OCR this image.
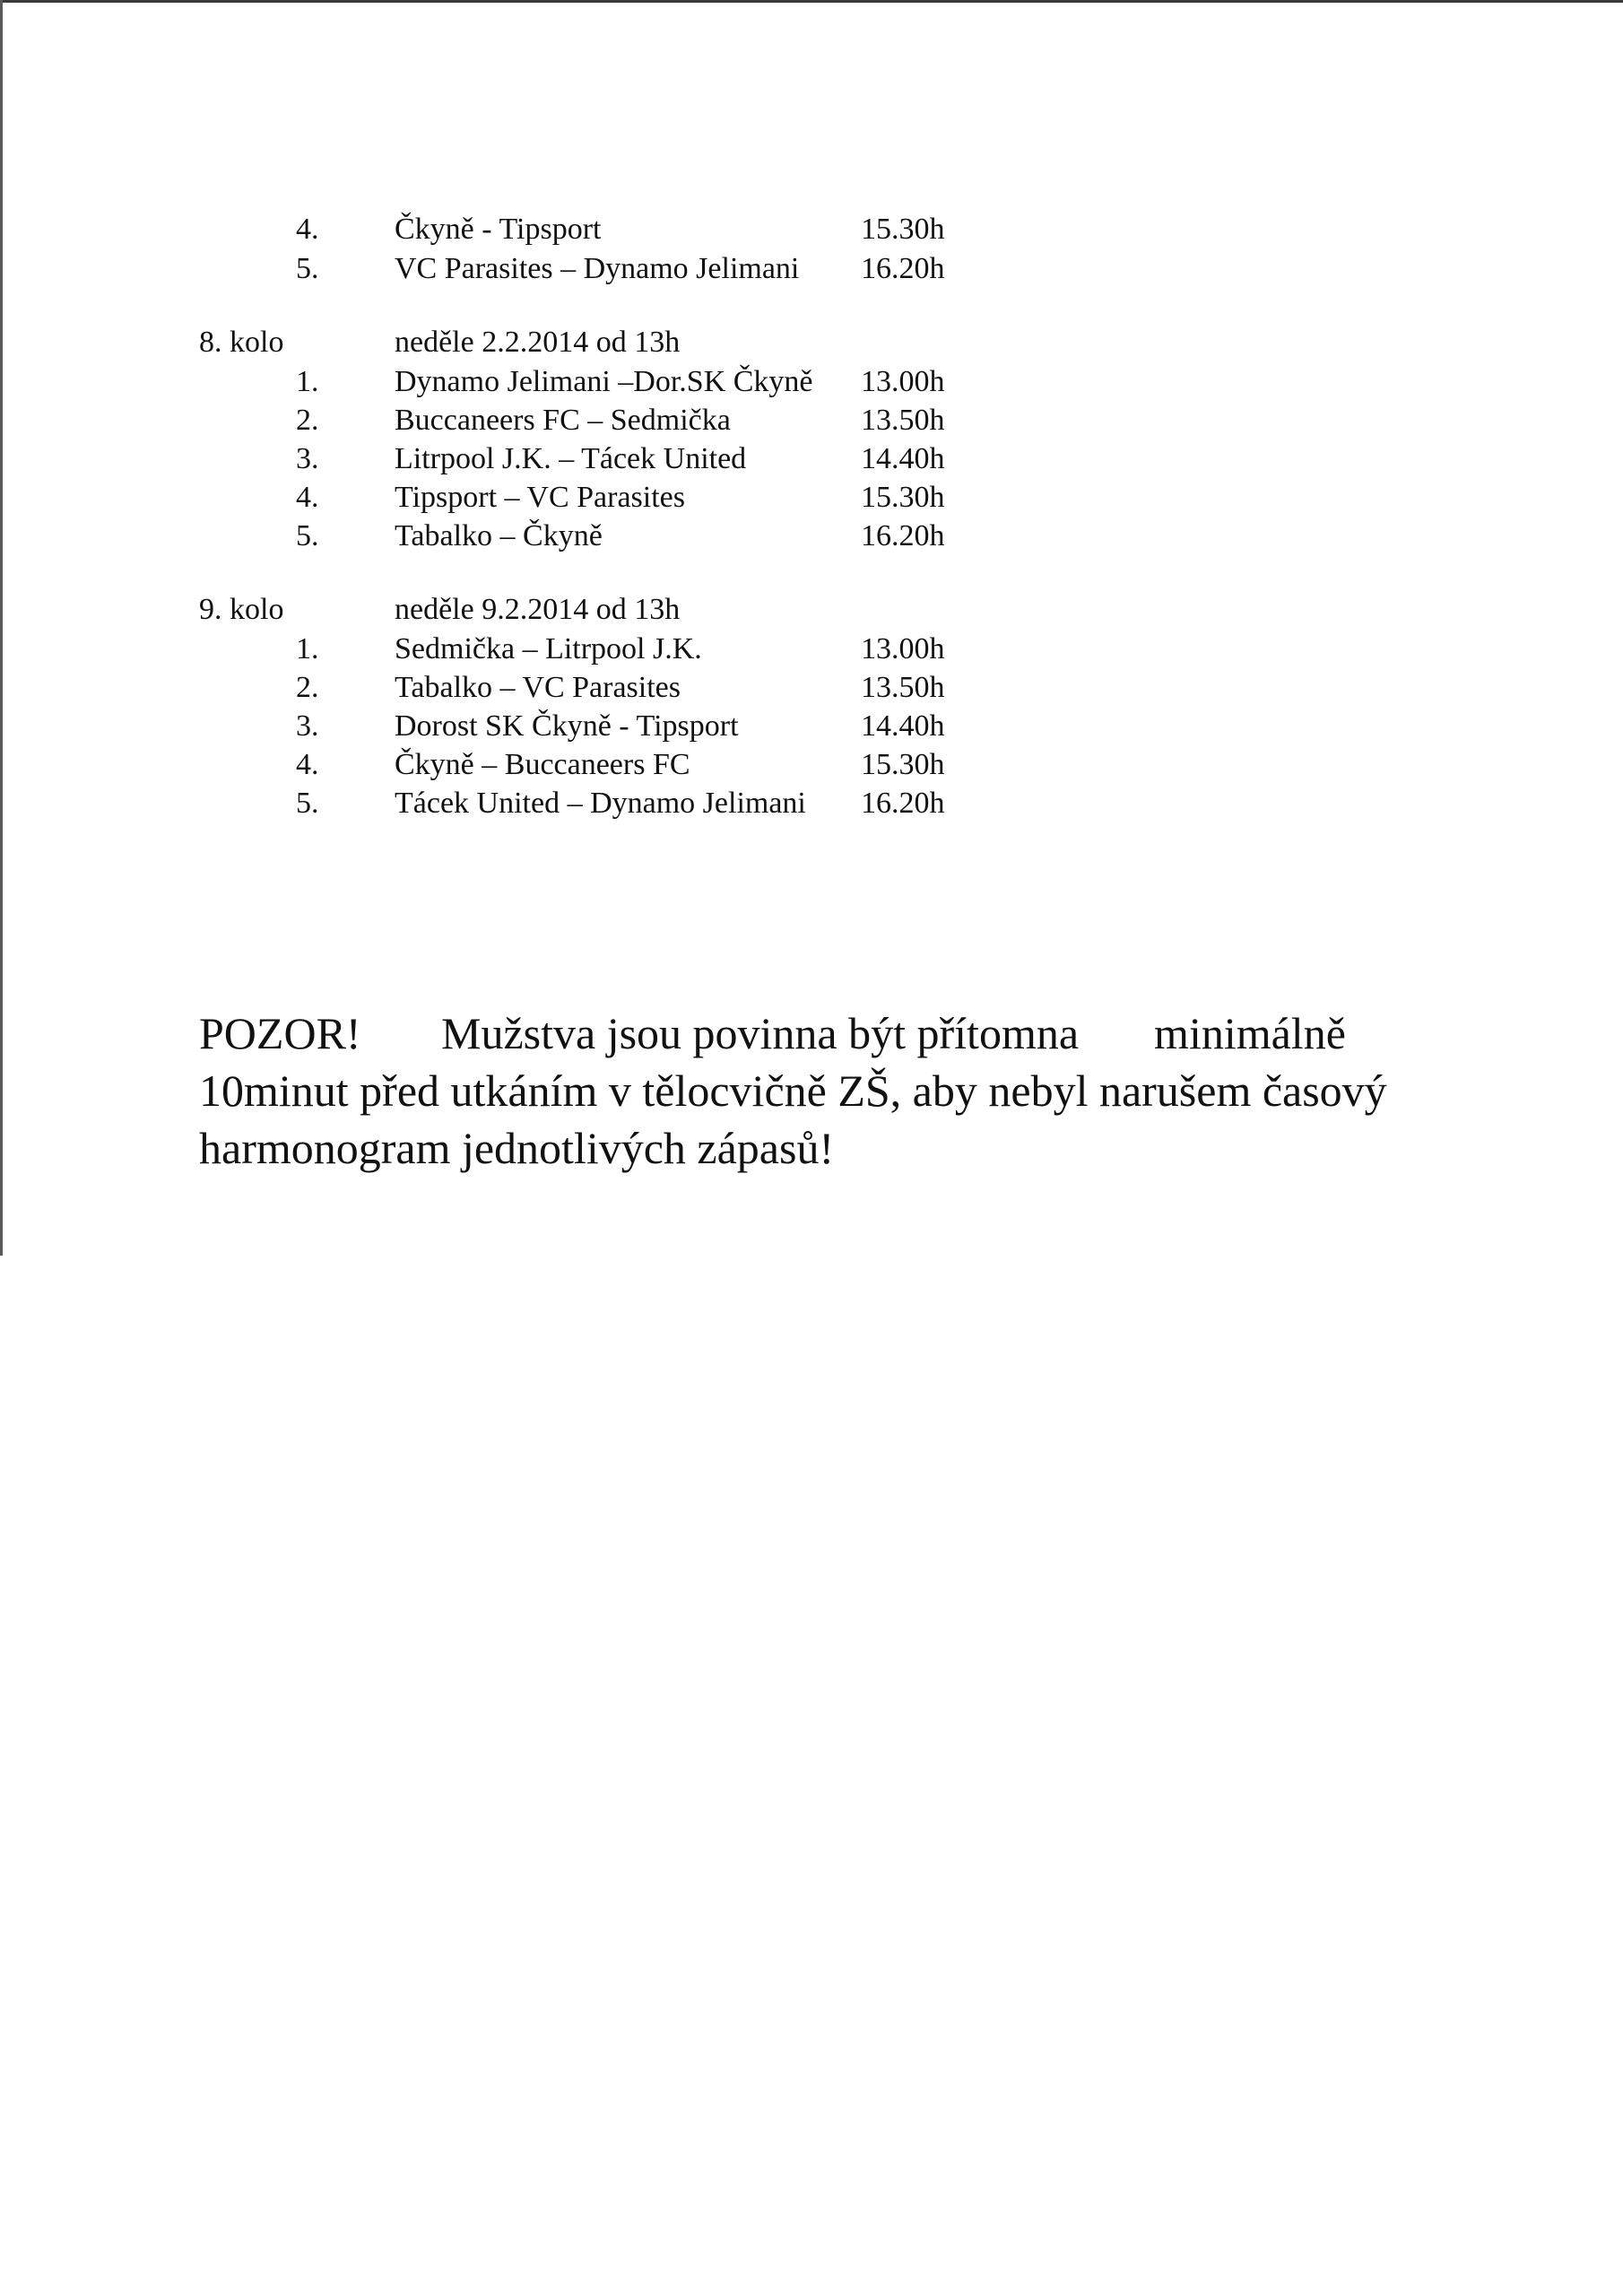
4. Čkyně - Tipsport	15.30h
5. VC Parasites – Dynamo Jelimani 16.20h
8. kolo	neděle 2.2.2014 od 13h
1. Dynamo Jelimani –Dor.SK Čkyně 13.00h
2. Buccaneers FC – Sedmička	13.50h
3. Litrpool J.K. – Tácek United	14.40h
4. Tipsport – VC Parasites	15.30h
5. Tabalko – Čkyně	16.20h
9. kolo	neděle 9.2.2014 od 13h
1. Sedmička – Litrpool J.K.	13.00h
2. Tabalko – VC Parasites	13.50h
3. Dorost SK Čkyně - Tipsport	14.40h
4. Čkyně – Buccaneers FC	15.30h
5. Tácek United – Dynamo Jelimani 16.20h
POZOR! Mužstva jsou povinna být přítomna minimálně
10minut před utkáním v tělocvičně ZŠ, aby nebyl narušem časový
harmonogram jednotlivých zápasů!
